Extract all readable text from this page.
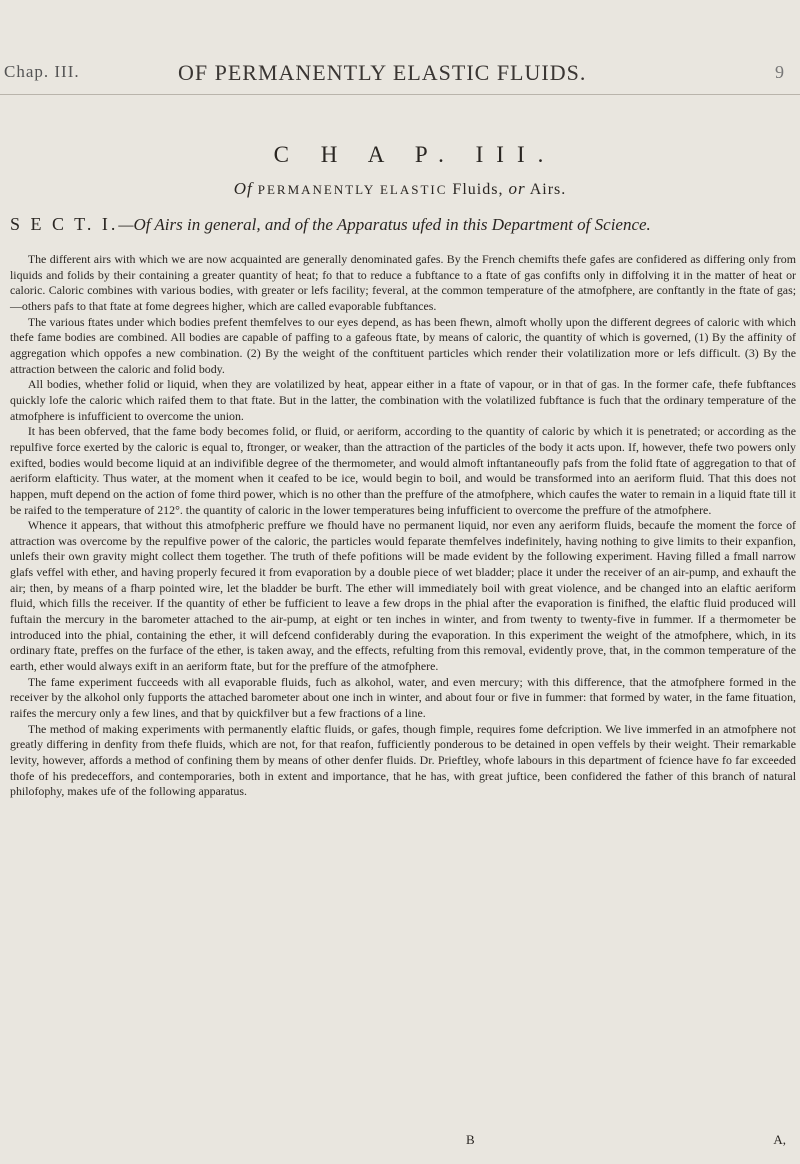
Chap. III.	OF PERMANENTLY ELASTIC FLUIDS.	9
C H A P. III.
Of PERMANENTLY ELASTIC Fluids, or Airs.
S E C T. I.—Of Airs in general, and of the Apparatus ufed in this Department of Science.

The different airs with which we are now acquainted are generally denominated gafes. By the French chemifts thefe gafes are confidered as differing only from liquids and folids by their containing a greater quantity of heat; fo that to reduce a fubftance to a ftate of gas confifts only in diffolving it in the matter of heat or caloric. Caloric combines with various bodies, with greater or lefs facility; feveral, at the common temperature of the atmofphere, are conftantly in the ftate of gas;—others pafs to that ftate at fome degrees higher, which are called evaporable fubftances.

The various ftates under which bodies prefent themfelves to our eyes depend, as has been fhewn, almoft wholly upon the different degrees of caloric with which thefe fame bodies are combined. All bodies are capable of paffing to a gafeous ftate, by means of caloric, the quantity of which is governed, (1) By the affinity of aggregation which oppofes a new combination. (2) By the weight of the conftituent particles which render their volatilization more or lefs difficult. (3) By the attraction between the caloric and folid body.

All bodies, whether folid or liquid, when they are volatilized by heat, appear either in a ftate of vapour, or in that of gas. In the former cafe, thefe fubftances quickly lofe the caloric which raifed them to that ftate. But in the latter, the combination with the volatilized fubftance is fuch that the ordinary temperature of the atmofphere is infufficient to overcome the union.

It has been obferved, that the fame body becomes folid, or fluid, or aeriform, according to the quantity of caloric by which it is penetrated; or according as the repulfive force exerted by the caloric is equal to, ftronger, or weaker, than the attraction of the particles of the body it acts upon. If, however, thefe two powers only exifted, bodies would become liquid at an indivifible degree of the thermometer, and would almoft inftantaneoufly pafs from the folid ftate of aggregation to that of aeriform elafticity. Thus water, at the moment when it ceafed to be ice, would begin to boil, and would be transformed into an aeriform fluid. That this does not happen, muft depend on the action of fome third power, which is no other than the preffure of the atmofphere, which caufes the water to remain in a liquid ftate till it be raifed to the temperature of 212°. the quantity of caloric in the lower temperatures being infufficient to overcome the preffure of the atmofphere.

Whence it appears, that without this atmofpheric preffure we fhould have no permanent liquid, nor even any aeriform fluids, becaufe the moment the force of attraction was overcome by the repulfive power of the caloric, the particles would feparate themfelves indefinitely, having nothing to give limits to their expanfion, unlefs their own gravity might collect them together. The truth of thefe pofitions will be made evident by the following experiment. Having filled a fmall narrow glafs veffel with ether, and having properly fecured it from evaporation by a double piece of wet bladder; place it under the receiver of an air-pump, and exhauft the air; then, by means of a fharp pointed wire, let the bladder be burft. The ether will immediately boil with great violence, and be changed into an elaftic aeriform fluid, which fills the receiver. If the quantity of ether be fufficient to leave a few drops in the phial after the evaporation is finifhed, the elaftic fluid produced will fuftain the mercury in the barometer attached to the air-pump, at eight or ten inches in winter, and from twenty to twenty-five in fummer. If a thermometer be introduced into the phial, containing the ether, it will defcend confiderably during the evaporation. In this experiment the weight of the atmofphere, which, in its ordinary ftate, preffes on the furface of the ether, is taken away, and the effects, refulting from this removal, evidently prove, that, in the common temperature of the earth, ether would always exift in an aeriform ftate, but for the preffure of the atmofphere.

The fame experiment fucceeds with all evaporable fluids, fuch as alkohol, water, and even mercury; with this difference, that the atmofphere formed in the receiver by the alkohol only fupports the attached barometer about one inch in winter, and about four or five in fummer: that formed by water, in the fame fituation, raifes the mercury only a few lines, and that by quickfilver but a few fractions of a line.

The method of making experiments with permanently elaftic fluids, or gafes, though fimple, requires fome defcription. We live immerfed in an atmofphere not greatly differing in denfity from thefe fluids, which are not, for that reafon, fufficiently ponderous to be detained in open veffels by their weight. Their remarkable levity, however, affords a method of confining them by means of other denfer fluids. Dr. Prieftley, whofe labours in this department of fcience have fo far exceeded thofe of his predeceffors, and contemporaries, both in extent and importance, that he has, with great juftice, been confidered the father of this branch of natural philofophy, makes ufe of the following apparatus.

B	A,
